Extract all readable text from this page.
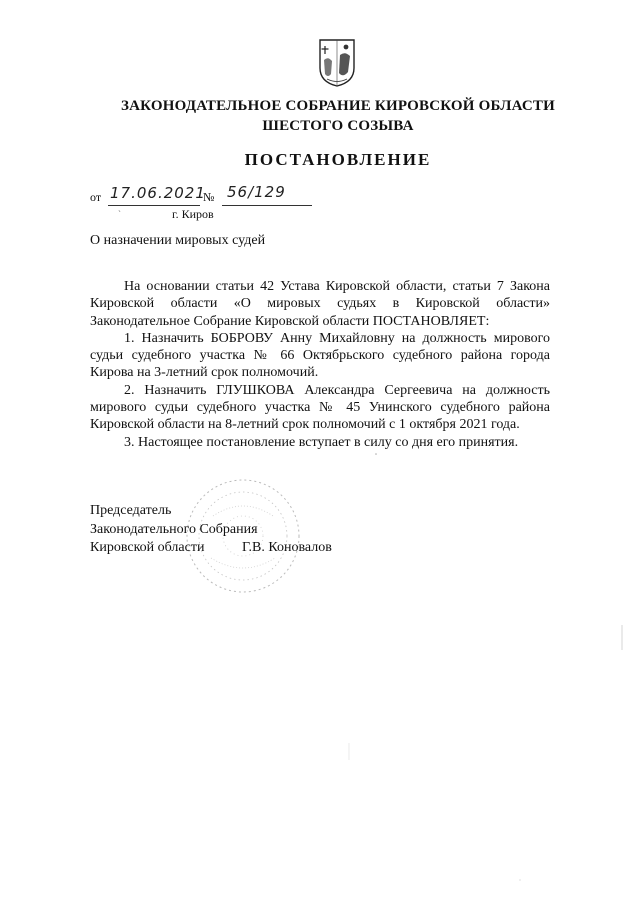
ЗАКОНОДАТЕЛЬНОЕ СОБРАНИЕ КИРОВСКОЙ ОБЛАСТИ
ШЕСТОГО СОЗЫВА
ПОСТАНОВЛЕНИЕ
от 17.06.2021
№ 56/129
ˋ	г. Киров
О назначении мировых судей

На основании статьи 42 Устава Кировской области, статьи 7 Закона Кировской области «О мировых судьях в Кировской области» Законодательное Собрание Кировской области ПОСТАНОВЛЯЕТ:

1. Назначить БОБРОВУ Анну Михайловну на должность мирового судьи судебного участка № 66 Октябрьского судебного района города Кирова на 3-летний срок полномочий.

2. Назначить ГЛУШКОВА Александра Сергеевича на должность мирового судьи судебного участка № 45 Унинского судебного района Кировской области на 8-летний срок полномочий с 1 октября 2021 года.

3. Настоящее постановление вступает в силу со дня его принятия.

Председатель
Законодательного Собрания
Кировской области	Г.В. Коновалов
